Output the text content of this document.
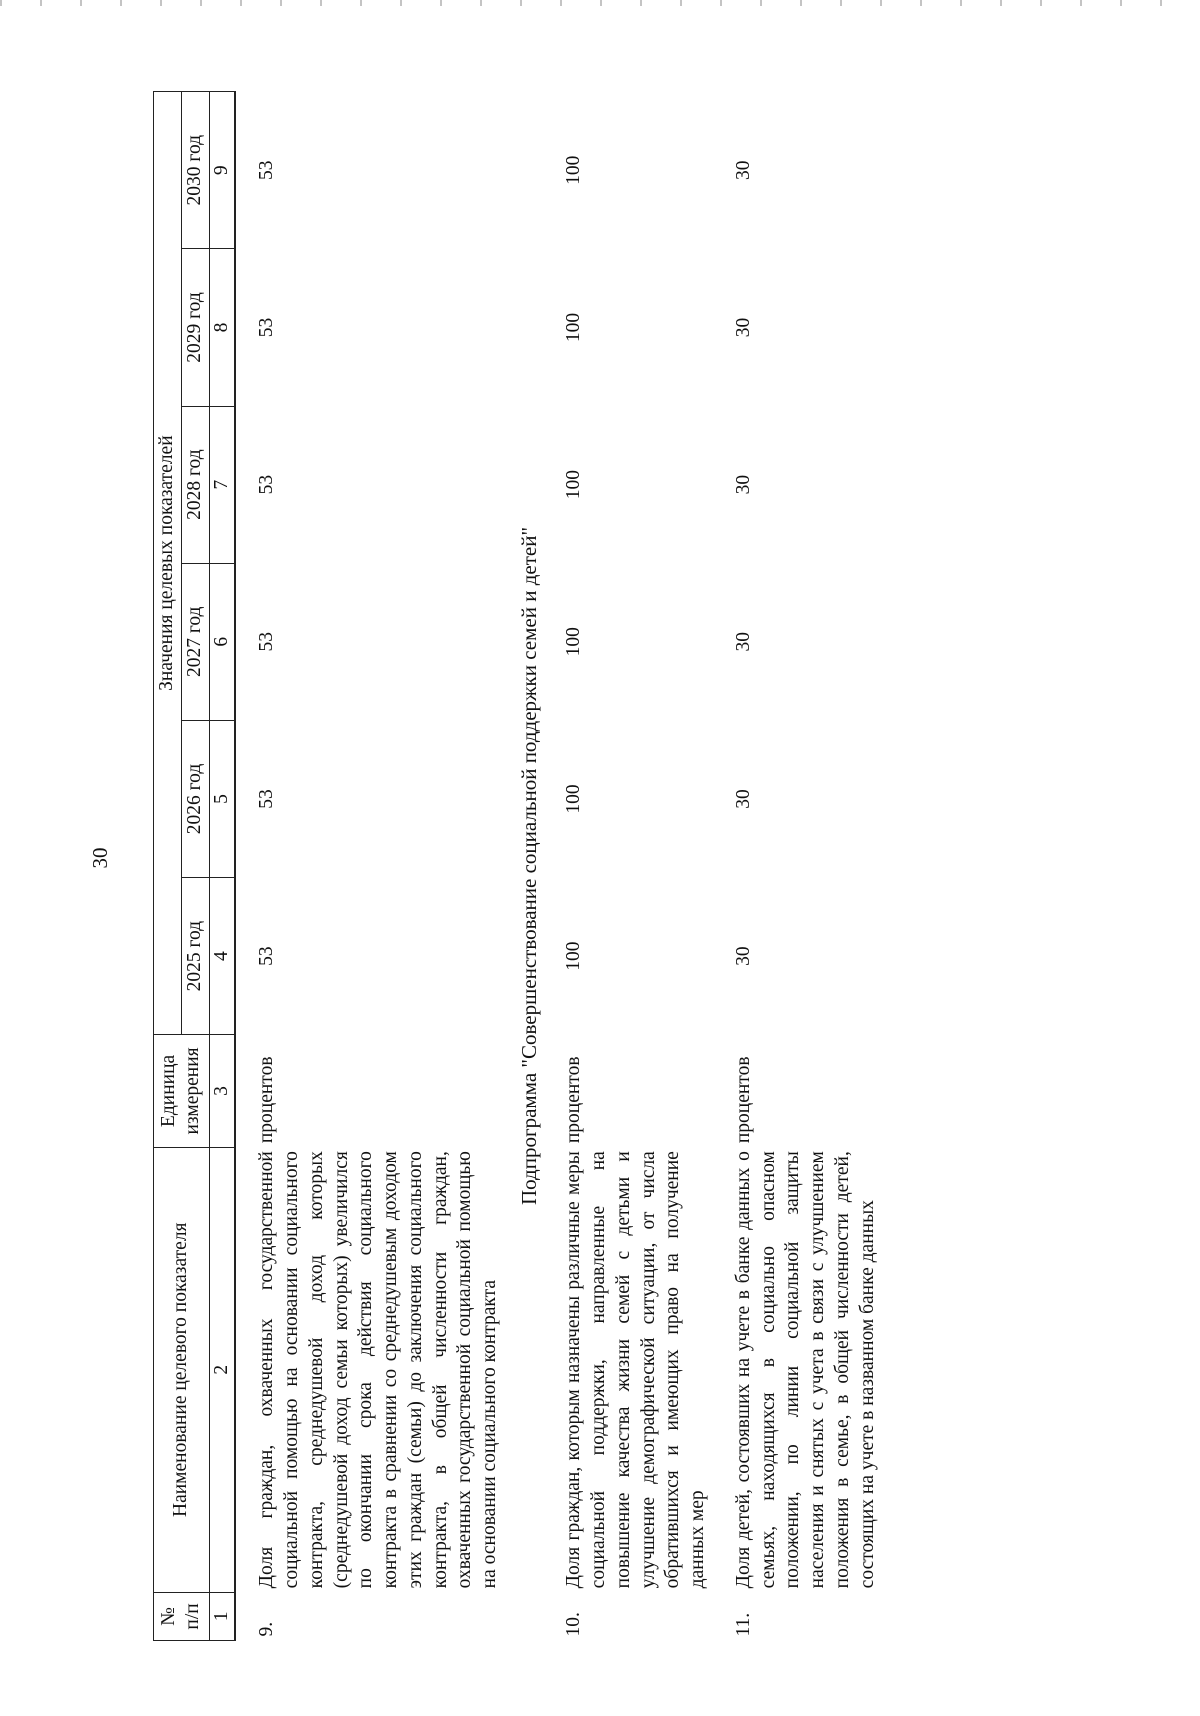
30
№ п/п	Наименование целевого показателя	Единица измерения	Значения целевых показателей					
			2025 год	2026 год	2027 год	2028 год	2029 год	2030 год
1	2	3	4	5	6	7	8	9

9.	Доля граждан, охваченных государственной социальной помощью на основании социального контракта, среднедушевой доход которых (среднедушевой доход семьи которых) увеличился по окончании срока действия социального контракта в сравнении со среднедушевым доходом этих граждан (семьи) до заключения социального контракта, в общей численности граждан, охваченных государственной социальной помощью на основании социального контракта	процентов	53	53	53	53	53	53
Подпрограмма "Совершенствование социальной поддержки семей и детей"								
10.	Доля граждан, которым назначены различные меры социальной поддержки, направленные на повышение качества жизни семей с детьми и улучшение демографической ситуации, от числа обратившихся и имеющих право на получение данных мер	процентов	100	100	100	100	100	100
11.	Доля детей, состоявших на учете в банке данных о семьях, находящихся в социально опасном положении, по линии социальной защиты населения и снятых с учета в связи с улучшением положения в семье, в общей численности детей, состоящих на учете в названном банке данных	процентов	30	30	30	30	30	30
